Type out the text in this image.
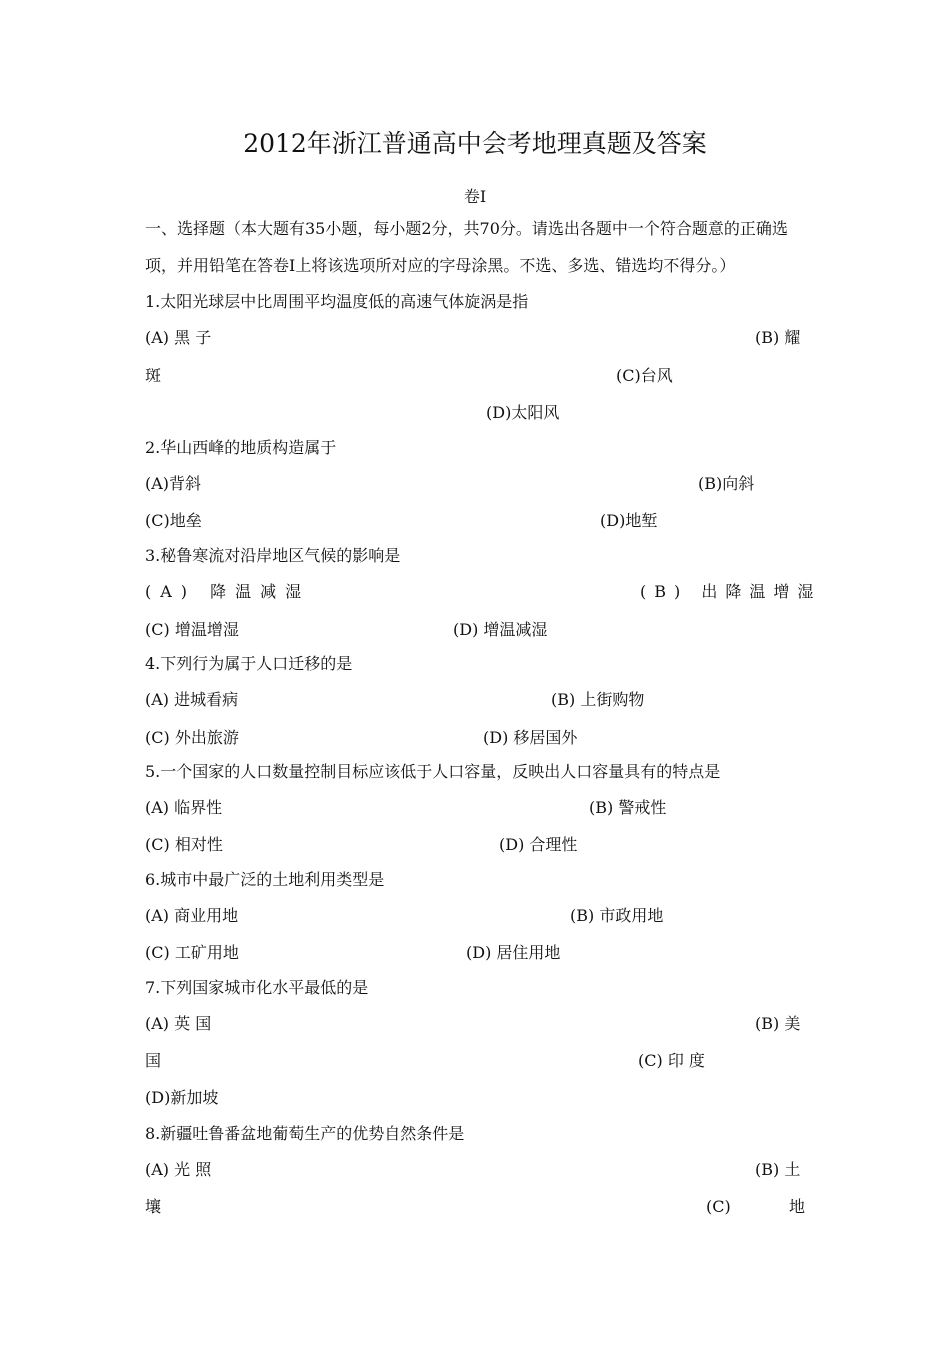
2012年浙江普通高中会考地理真题及答案
卷I
一、选择题（本大题有35小题，每小题2分，共70分。请选出各题中一个符合题意的正确选
项，并用铅笔在答卷I上将该选项所对应的字母涂黑。不选、多选、错选均不得分。）
1.太阳光球层中比周围平均温度低的高速气体旋涡是指
(A) 黑 子	(B) 耀
斑	(C)台风
(D)太阳风
2.华山西峰的地质构造属于
(A)背斜	(B)向斜
(C)地垒	(D)地堑
3.秘鲁寒流对沿岸地区气候的影响是
(A) 降温减湿	(B) 出降温增湿
(C) 增温增湿	(D) 增温减湿
4.下列行为属于人口迁移的是
(A) 进城看病	(B) 上街购物
(C) 外出旅游	(D) 移居国外
5.一个国家的人口数量控制目标应该低于人口容量，反映出人口容量具有的特点是
(A) 临界性	(B) 警戒性
(C) 相对性	(D) 合理性
6.城市中最广泛的土地利用类型是
(A) 商业用地	(B) 市政用地
(C) 工矿用地	(D) 居住用地
7.下列国家城市化水平最低的是
(A) 英 国	(B) 美
国	(C) 印 度
(D)新加坡
8.新疆吐鲁番盆地葡萄生产的优势自然条件是
(A) 光 照	(B) 土
壤	(C)	地
